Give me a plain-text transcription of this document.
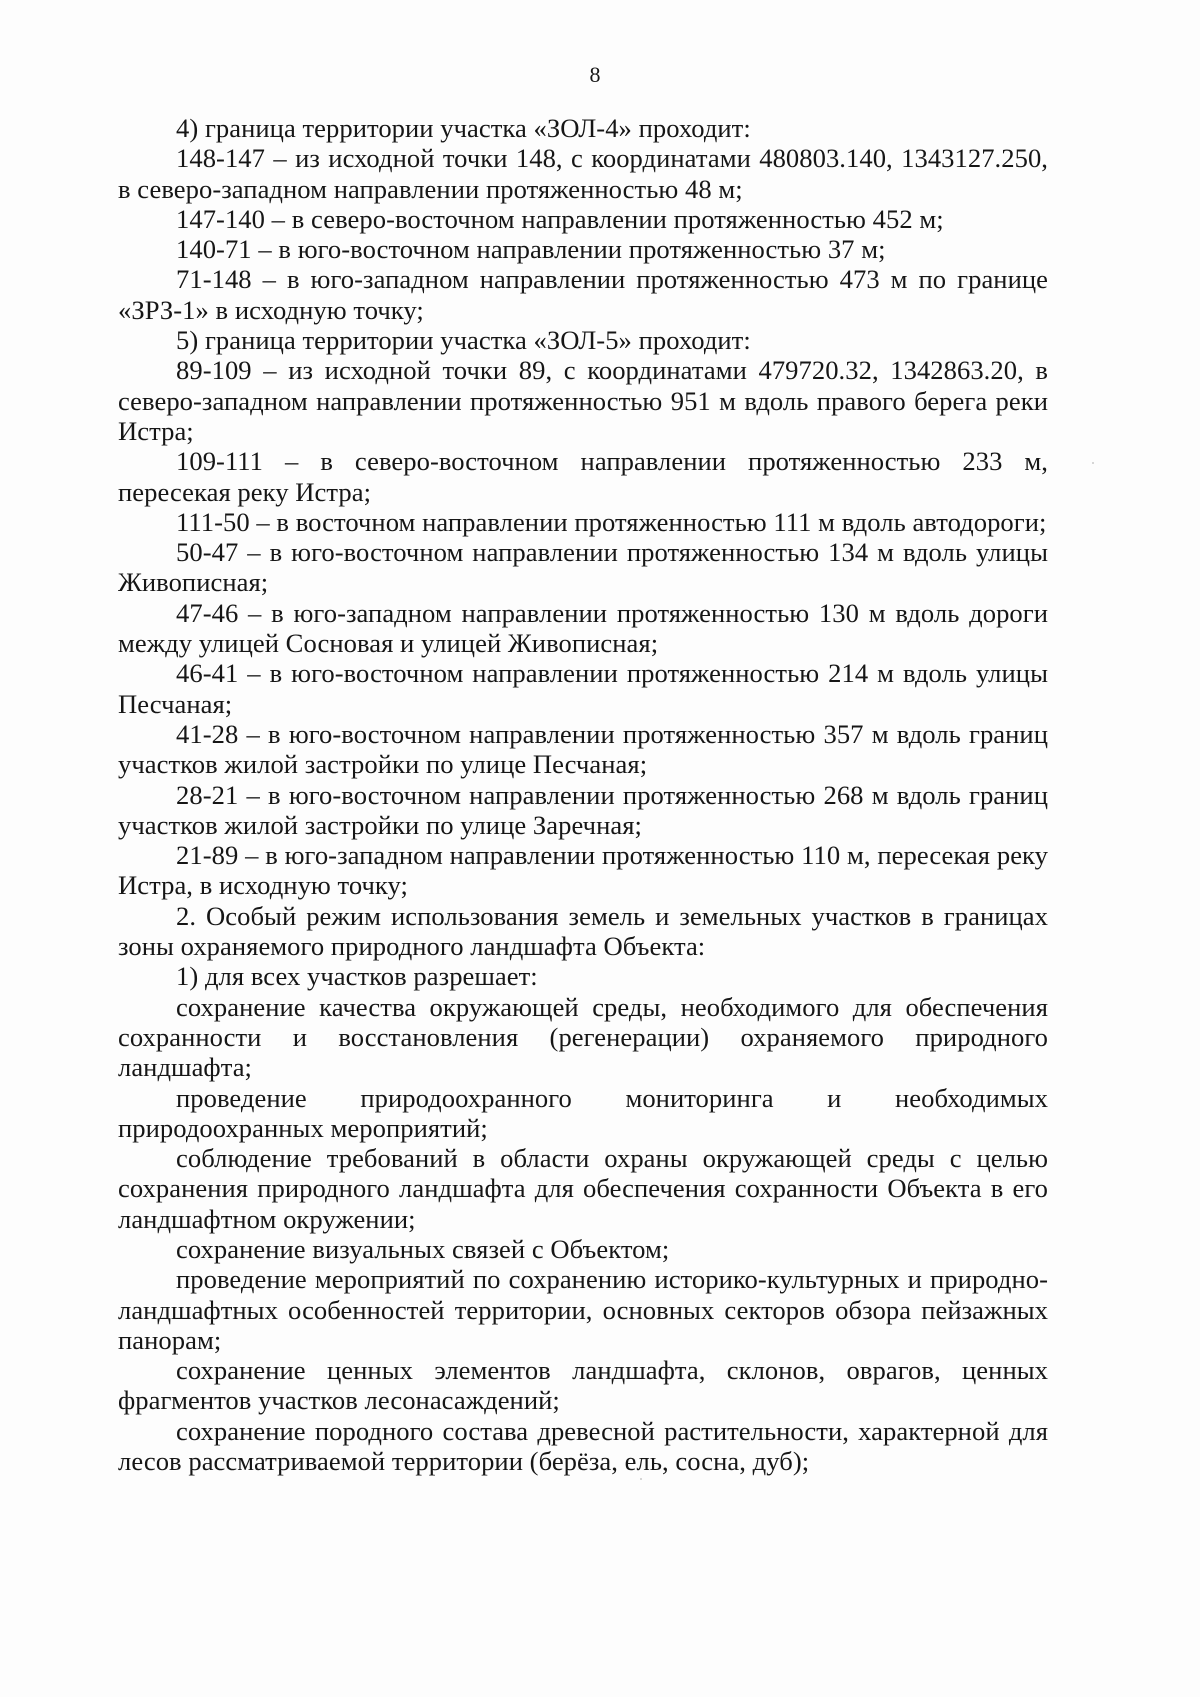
8

4) граница территории участка «ЗОЛ-4» проходит:

148-147 – из исходной точки 148, с координатами 480803.140, 1343127.250, в северо-западном направлении протяженностью 48 м;

147-140 – в северо-восточном направлении протяженностью 452 м;

140-71 – в юго-восточном направлении протяженностью 37 м;

71-148 – в юго-западном направлении протяженностью 473 м по границе «ЗРЗ-1» в исходную точку;

5) граница территории участка «ЗОЛ-5» проходит:

89-109 – из исходной точки 89, с координатами 479720.32, 1342863.20, в северо-западном направлении протяженностью 951 м вдоль правого берега реки Истра;

109-111 – в северо-восточном направлении протяженностью 233 м, пересекая реку Истра;

111-50 – в восточном направлении протяженностью 111 м вдоль автодороги;

50-47 – в юго-восточном направлении протяженностью 134 м вдоль улицы Живописная;

47-46 – в юго-западном направлении протяженностью 130 м вдоль дороги между улицей Сосновая и улицей Живописная;

46-41 – в юго-восточном направлении протяженностью 214 м вдоль улицы Песчаная;

41-28 – в юго-восточном направлении протяженностью 357 м вдоль границ участков жилой застройки по улице Песчаная;

28-21 – в юго-восточном направлении протяженностью 268 м вдоль границ участков жилой застройки по улице Заречная;

21-89 – в юго-западном направлении протяженностью 110 м, пересекая реку Истра, в исходную точку;

2. Особый режим использования земель и земельных участков в границах зоны охраняемого природного ландшафта Объекта:

1) для всех участков разрешает:

сохранение качества окружающей среды, необходимого для обеспечения сохранности и восстановления (регенерации) охраняемого природного ландшафта;

проведение природоохранного мониторинга и необходимых природоохранных мероприятий;

соблюдение требований в области охраны окружающей среды с целью сохранения природного ландшафта для обеспечения сохранности Объекта в его ландшафтном окружении;

сохранение визуальных связей с Объектом;

проведение мероприятий по сохранению историко-культурных и природно-ландшафтных особенностей территории, основных секторов обзора пейзажных панорам;

сохранение ценных элементов ландшафта, склонов, оврагов, ценных фрагментов участков лесонасаждений;

сохранение породного состава древесной растительности, характерной для лесов рассматриваемой территории (берёза, ель, сосна, дуб);
